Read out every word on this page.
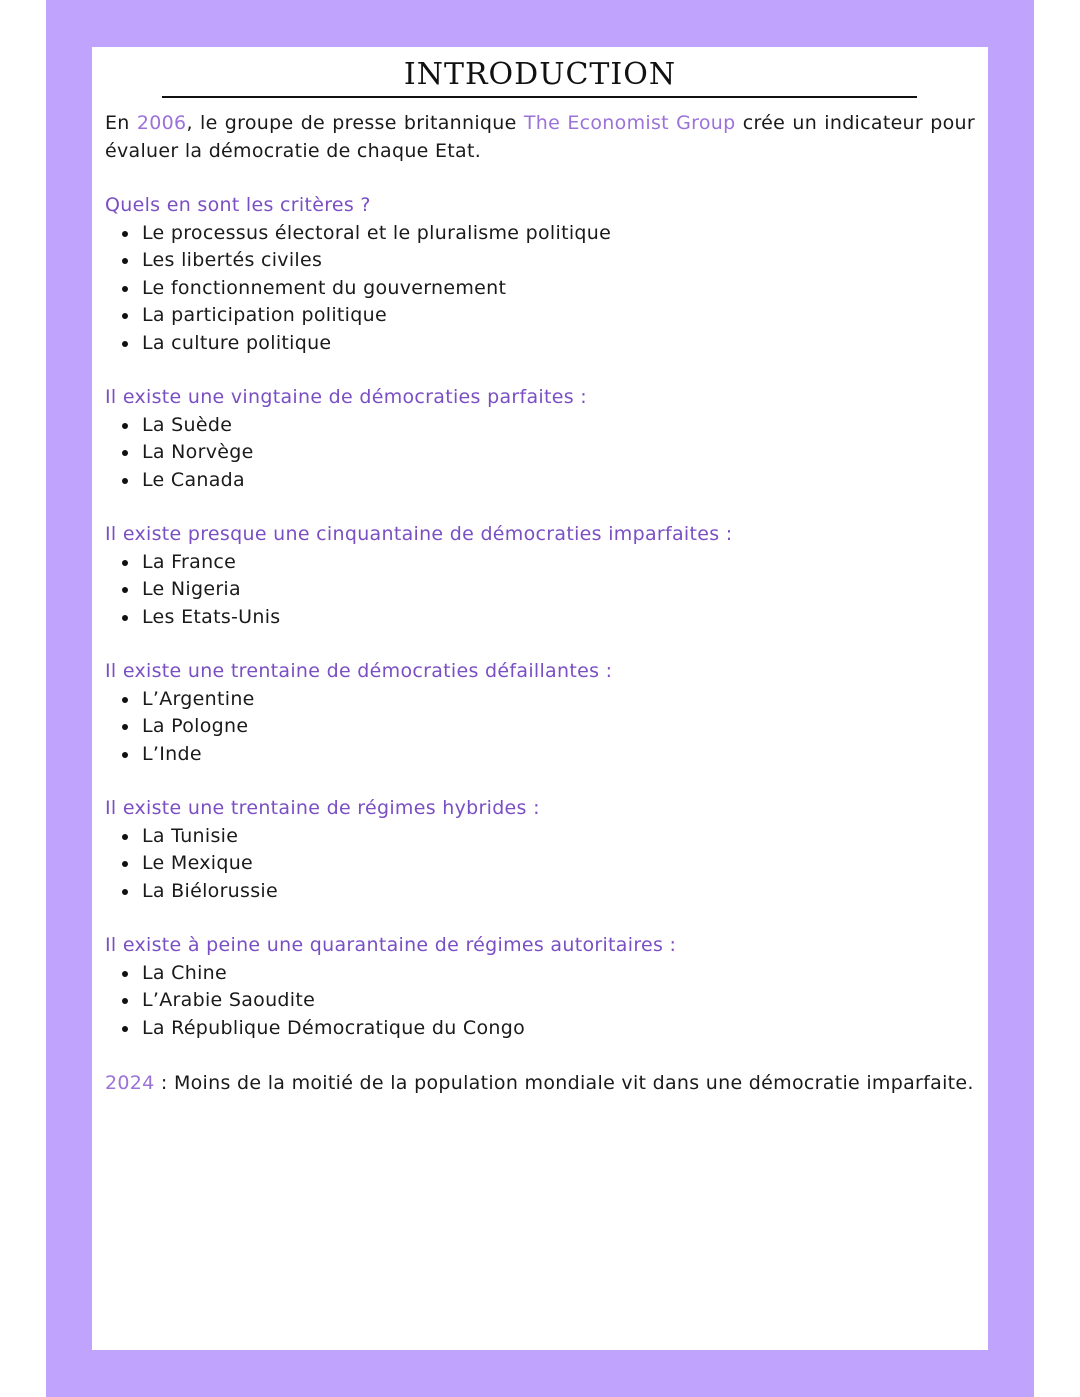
INTRODUCTION

En 2006, le groupe de presse britannique The Economist Group crée un indicateur pour évaluer la démocratie de chaque Etat.

Quels en sont les critères ?

Le processus électoral et le pluralisme politique
Les libertés civiles
Le fonctionnement du gouvernement
La participation politique
La culture politique

Il existe une vingtaine de démocraties parfaites :

La Suède
La Norvège
Le Canada

Il existe presque une cinquantaine de démocraties imparfaites :

La France
Le Nigeria
Les Etats-Unis

Il existe une trentaine de démocraties défaillantes :

L’Argentine
La Pologne
L’Inde

Il existe une trentaine de régimes hybrides :

La Tunisie
Le Mexique
La Biélorussie

Il existe à peine une quarantaine de régimes autoritaires :

La Chine
L’Arabie Saoudite
La République Démocratique du Congo

2024 : Moins de la moitié de la population mondiale vit dans une démocratie imparfaite.
